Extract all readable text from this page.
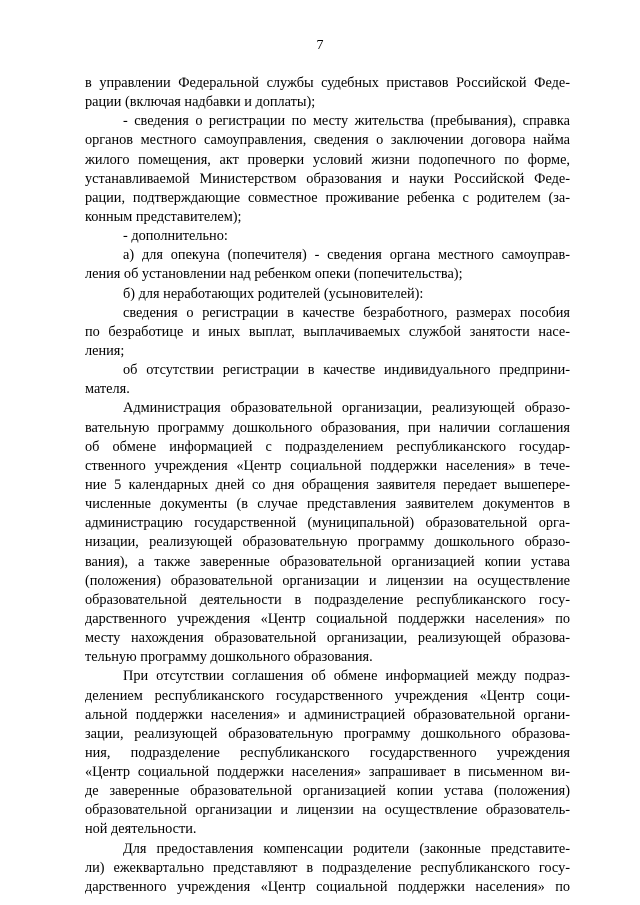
7
в управлении Федеральной службы судебных приставов Российской Феде-
рации (включая надбавки и доплаты);
- сведения о регистрации по месту жительства (пребывания), справка
органов местного самоуправления, сведения о заключении договора найма
жилого помещения, акт проверки условий жизни подопечного по форме,
устанавливаемой Министерством образования и науки Российской Феде-
рации, подтверждающие совместное проживание ребенка с родителем (за-
конным представителем);
- дополнительно:
а) для опекуна (попечителя) - сведения органа местного самоуправ-
ления об установлении над ребенком опеки (попечительства);
б) для неработающих родителей (усыновителей):
сведения о регистрации в качестве безработного, размерах пособия
по безработице и иных выплат, выплачиваемых службой занятости насе-
ления;
об отсутствии регистрации в качестве индивидуального предприни-
мателя.
Администрация образовательной организации, реализующей образо-
вательную программу дошкольного образования, при наличии соглашения
об обмене информацией с подразделением республиканского государ-
ственного учреждения «Центр социальной поддержки населения» в тече-
ние 5 календарных дней со дня обращения заявителя передает вышепере-
численные документы (в случае представления заявителем документов в
администрацию государственной (муниципальной) образовательной орга-
низации, реализующей образовательную программу дошкольного образо-
вания), а также заверенные образовательной организацией копии устава
(положения) образовательной организации и лицензии на осуществление
образовательной деятельности в подразделение республиканского госу-
дарственного учреждения «Центр социальной поддержки населения» по
месту нахождения образовательной организации, реализующей образова-
тельную программу дошкольного образования.
При отсутствии соглашения об обмене информацией между подраз-
делением республиканского государственного учреждения «Центр соци-
альной поддержки населения» и администрацией образовательной органи-
зации, реализующей образовательную программу дошкольного образова-
ния, подразделение республиканского государственного учреждения
«Центр социальной поддержки населения» запрашивает в письменном ви-
де заверенные образовательной организацией копии устава (положения)
образовательной организации и лицензии на осуществление образователь-
ной деятельности.
Для предоставления компенсации родители (законные представите-
ли) ежеквартально представляют в подразделение республиканского госу-
дарственного учреждения «Центр социальной поддержки населения» по
